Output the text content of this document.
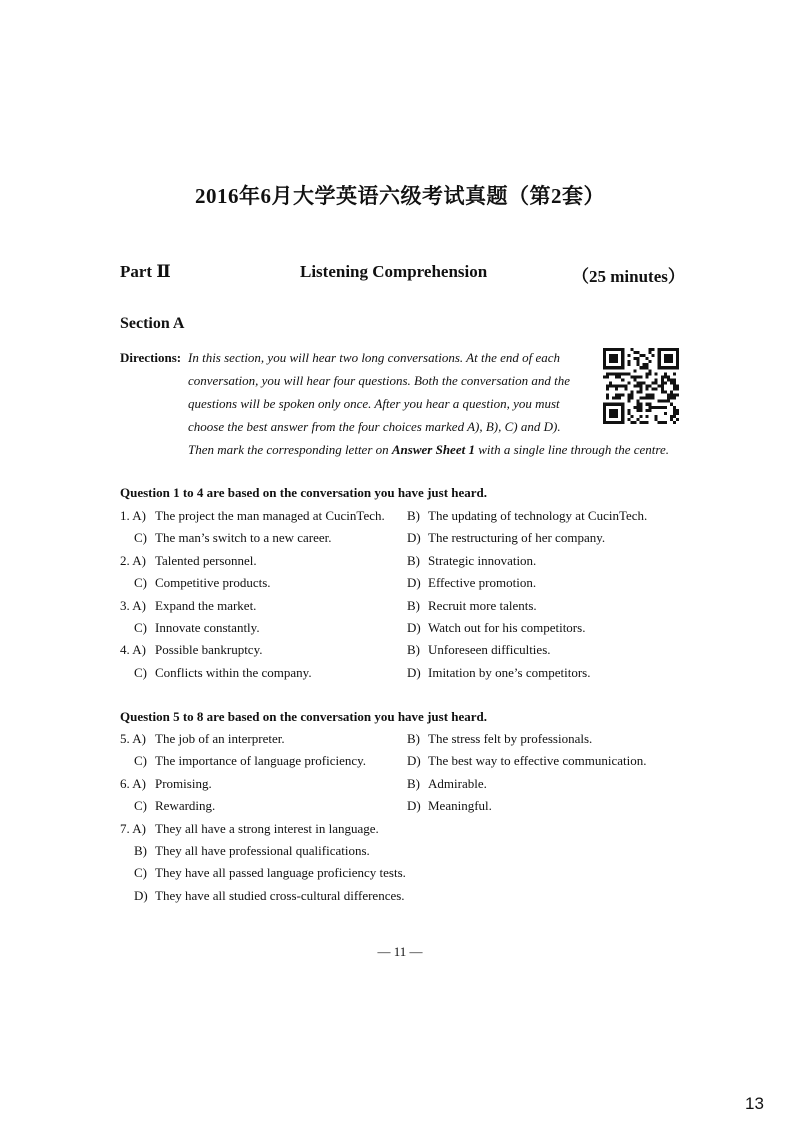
2016年6月大学英语六级考试真题（第2套）
Part Ⅱ	Listening Comprehension	（25 minutes）
Section A
Directions: In this section, you will hear two long conversations. At the end of each
conversation, you will hear four questions. Both the conversation and the
questions will be spoken only once. After you hear a question, you must
choose the best answer from the four choices marked A), B), C) and D).
Then mark the corresponding letter on Answer Sheet 1 with a single line through the centre.
Question 1 to 4 are based on the conversation you have just heard.
1. A) The project the man managed at CucinTech. B) The updating of technology at CucinTech.
C) The man’s switch to a new career.	D) The restructuring of her company.
2. A) Talented personnel.	B) Strategic innovation.
C) Competitive products.	D) Effective promotion.
3. A) Expand the market.	B) Recruit more talents.
C) Innovate constantly.	D) Watch out for his competitors.
4. A) Possible bankruptcy.	B) Unforeseen difficulties.
C) Conflicts within the company.	D) Imitation by one’s competitors.
Question 5 to 8 are based on the conversation you have just heard.
5. A) The job of an interpreter.	B) The stress felt by professionals.
C) The importance of language proficiency.	D) The best way to effective communication.
6. A) Promising.	B) Admirable.
C) Rewarding.	D) Meaningful.
7. A) They all have a strong interest in language.
B) They all have professional qualifications.
C) They have all passed language proficiency tests.
D) They have all studied cross-cultural differences.
— 11 —
13
